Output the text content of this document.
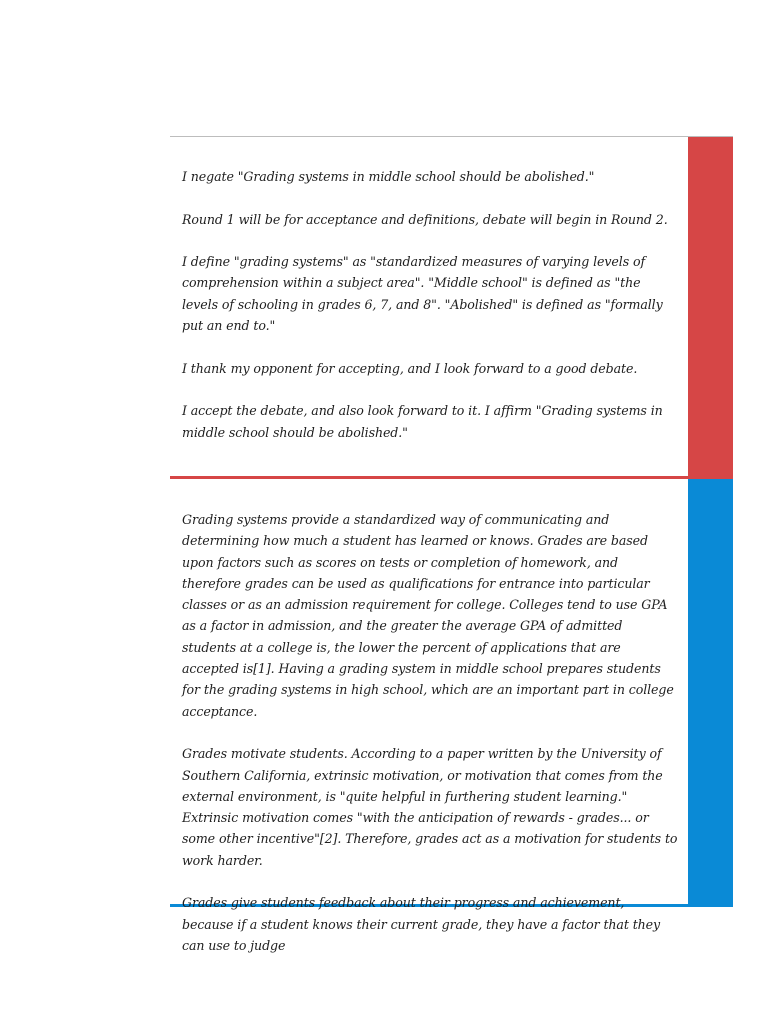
I negate "Grading systems in middle school should be abolished."

Round 1 will be for acceptance and definitions, debate will begin in Round 2.

I define "grading systems" as "standardized measures of varying levels of comprehension within a subject area". "Middle school" is defined as "the levels of schooling in grades 6, 7, and 8". "Abolished" is defined as "formally put an end to."

I thank my opponent for accepting, and I look forward to a good debate.

I accept the debate, and also look forward to it. I affirm "Grading systems in middle school should be abolished."

Grading systems provide a standardized way of communicating and determining how much a student has learned or knows. Grades are based upon factors such as scores on tests or completion of homework, and therefore grades can be used as qualifications for entrance into particular classes or as an admission requirement for college. Colleges tend to use GPA as a factor in admission, and the greater the average GPA of admitted students at a college is, the lower the percent of applications that are accepted is[1]. Having a grading system in middle school prepares students for the grading systems in high school, which are an important part in college acceptance.

Grades motivate students. According to a paper written by the University of Southern California, extrinsic motivation, or motivation that comes from the external environment, is "quite helpful in furthering student learning." Extrinsic motivation comes "with the anticipation of rewards - grades... or some other incentive"[2]. Therefore, grades act as a motivation for students to work harder.

Grades give students feedback about their progress and achievement, because if a student knows their current grade, they have a factor that they can use to judge
